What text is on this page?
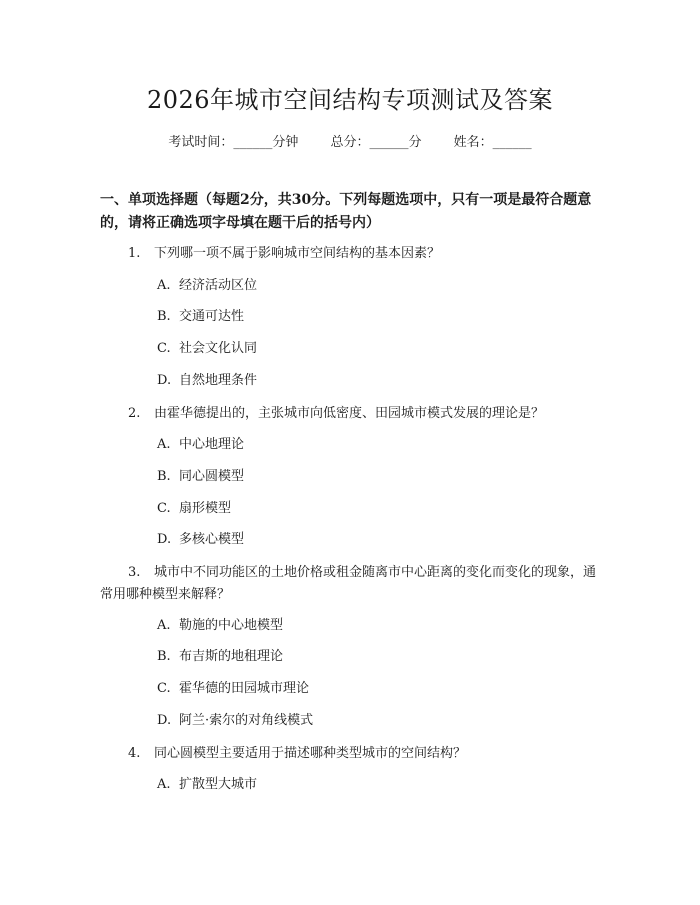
2026年城市空间结构专项测试及答案
考试时间：______分钟 总分：______分 姓名：______

一、单项选择题（每题2分，共30分。下列每题选项中，只有一项是最符合题意的，请将正确选项字母填在题干后的括号内）

1. 下列哪一项不属于影响城市空间结构的基本因素？
A. 经济活动区位
B. 交通可达性
C. 社会文化认同
D. 自然地理条件
2. 由霍华德提出的，主张城市向低密度、田园城市模式发展的理论是？
A. 中心地理论
B. 同心圆模型
C. 扇形模型
D. 多核心模型
3. 城市中不同功能区的土地价格或租金随离市中心距离的变化而变化的现象，通常用哪种模型来解释？
A. 勒施的中心地模型
B. 布吉斯的地租理论
C. 霍华德的田园城市理论
D. 阿兰·索尔的对角线模式
4. 同心圆模型主要适用于描述哪种类型城市的空间结构？
A. 扩散型大城市
